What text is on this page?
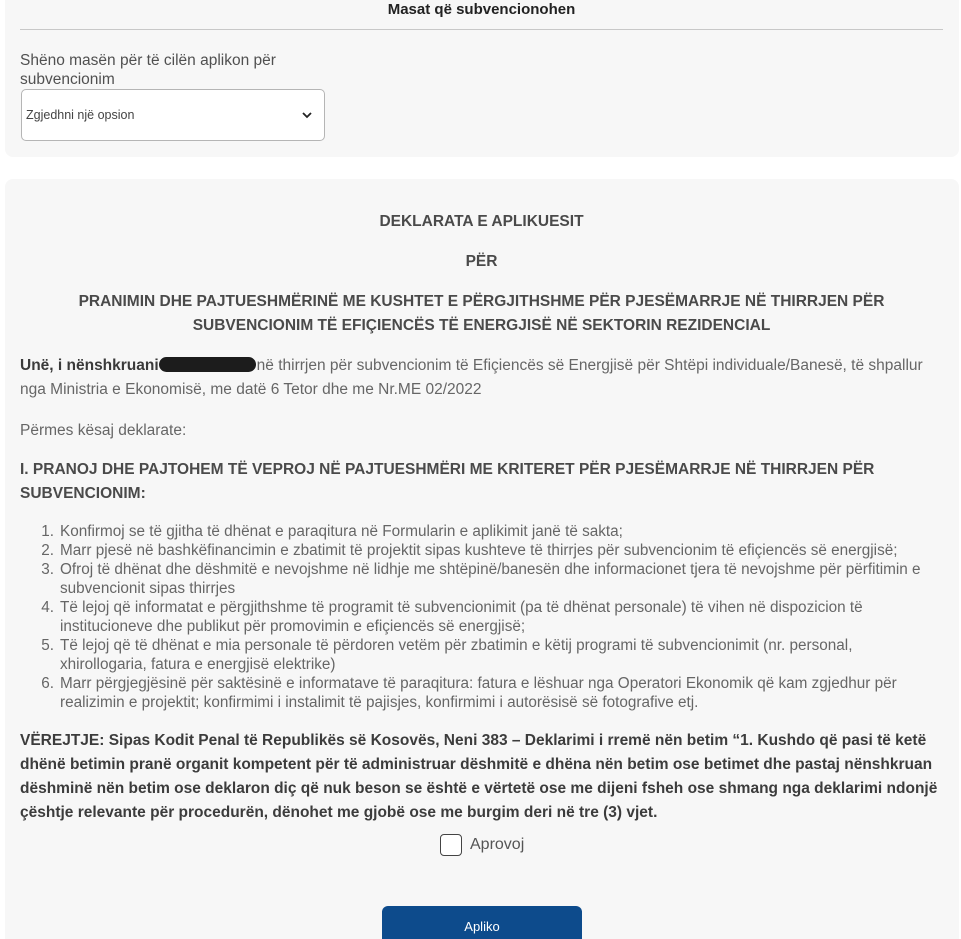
Masat që subvencionohen
Shëno masën për të cilën aplikon për subvencionim
Zgjedhni një opsion
DEKLARATA E APLIKUESIT
PËR
PRANIMIN DHE PAJTUESHMËRINË ME KUSHTET E PËRGJITHSHME PËR PJESËMARRJE NË THIRRJEN PËR SUBVENCIONIM TË EFIÇIENCËS TË ENERGJISË NË SEKTORIN REZIDENCIAL
Unë, i nënshkruani	në thirrjen për subvencionim të Efiçiencës së Energjisë për Shtëpi individuale/Banesë, të shpallur nga Ministria e Ekonomisë, me datë 6 Tetor dhe me Nr.ME 02/2022
Përmes kësaj deklarate:
I. PRANOJ DHE PAJTOHEM TË VEPROJ NË PAJTUESHMËRI ME KRITERET PËR PJESËMARRJE NË THIRRJEN PËR SUBVENCIONIM:
1. Konfirmoj se të gjitha të dhënat e paraqitura në Formularin e aplikimit janë të sakta;
2. Marr pjesë në bashkëfinancimin e zbatimit të projektit sipas kushteve të thirrjes për subvencionim të efiçiencës së energjisë;
3. Ofroj të dhënat dhe dëshmitë e nevojshme në lidhje me shtëpinë/banesën dhe informacionet tjera të nevojshme për përfitimin e subvencionit sipas thirrjes
4. Të lejoj që informatat e përgjithshme të programit të subvencionimit (pa të dhënat personale) të vihen në dispozicion të institucioneve dhe publikut për promovimin e efiçiencës së energjisë;
5. Të lejoj që të dhënat e mia personale të përdoren vetëm për zbatimin e këtij programi të subvencionimit (nr. personal, xhirollogaria, fatura e energjisë elektrike)
6. Marr përgjegjësinë për saktësinë e informatave të paraqitura: fatura e lëshuar nga Operatori Ekonomik që kam zgjedhur për realizimin e projektit; konfirmimi i instalimit të pajisjes, konfirmimi i autorësisë së fotografive etj.
VËREJTJE: Sipas Kodit Penal të Republikës së Kosovës, Neni 383 – Deklarimi i rremë nën betim “1. Kushdo që pasi të ketë dhënë betimin pranë organit kompetent për të administruar dëshmitë e dhëna nën betim ose betimet dhe pastaj nënshkruan dëshminë nën betim ose deklaron diç që nuk beson se është e vërtetë ose me dijeni fsheh ose shmang nga deklarimi ndonjë çështje relevante për procedurën, dënohet me gjobë ose me burgim deri në tre (3) vjet.
Aprovoj
Apliko
